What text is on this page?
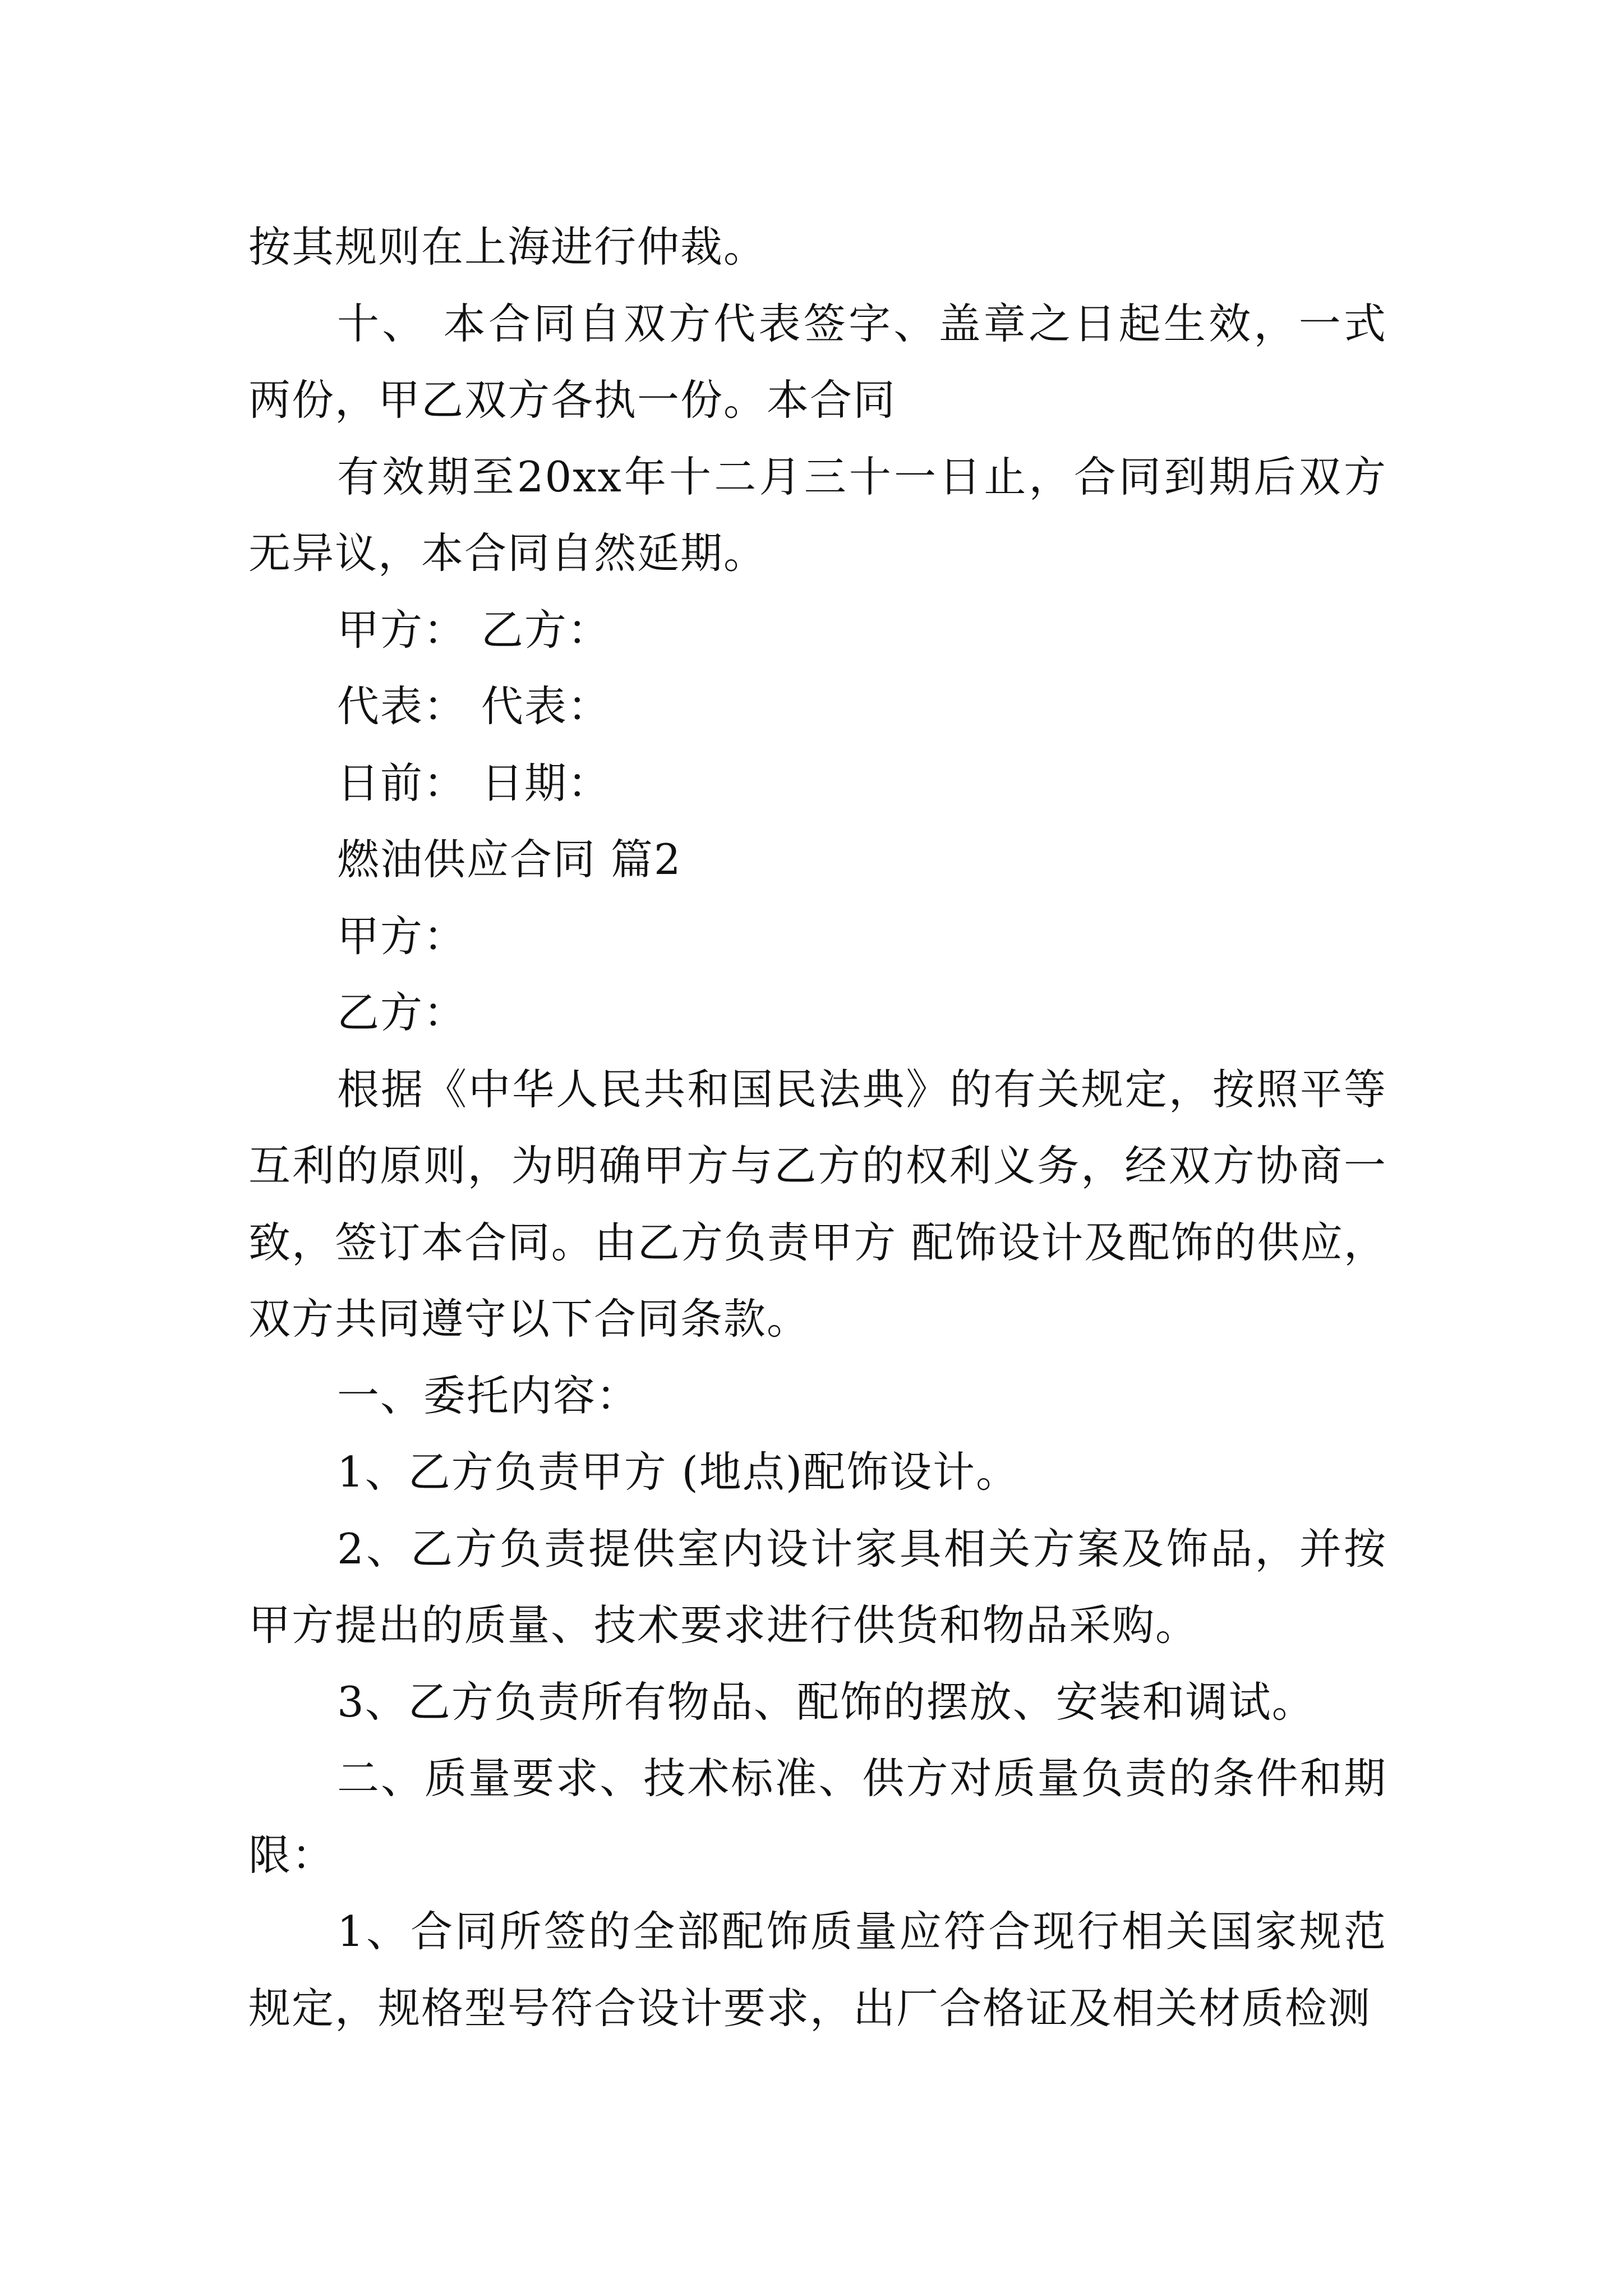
按其规则在上海进行仲裁。

十、 本合同自双方代表签字、盖章之日起生效，一式两份，甲乙双方各执一份。本合同

有效期至20xx年十二月三十一日止，合同到期后双方无异议，本合同自然延期。

甲方： 乙方：

代表： 代表：

日前： 日期：

燃油供应合同 篇2

甲方：

乙方：

根据《中华人民共和国民法典》的有关规定，按照平等互利的原则，为明确甲方与乙方的权利义务，经双方协商一致，签订本合同。由乙方负责甲方 配饰设计及配饰的供应，双方共同遵守以下合同条款。

一、委托内容：

1、乙方负责甲方 (地点)配饰设计。

2、乙方负责提供室内设计家具相关方案及饰品，并按甲方提出的质量、技术要求进行供货和物品采购。

3、乙方负责所有物品、配饰的摆放、安装和调试。

二、质量要求、技术标准、供方对质量负责的条件和期限：

1、合同所签的全部配饰质量应符合现行相关国家规范规定，规格型号符合设计要求，出厂合格证及相关材质检测
